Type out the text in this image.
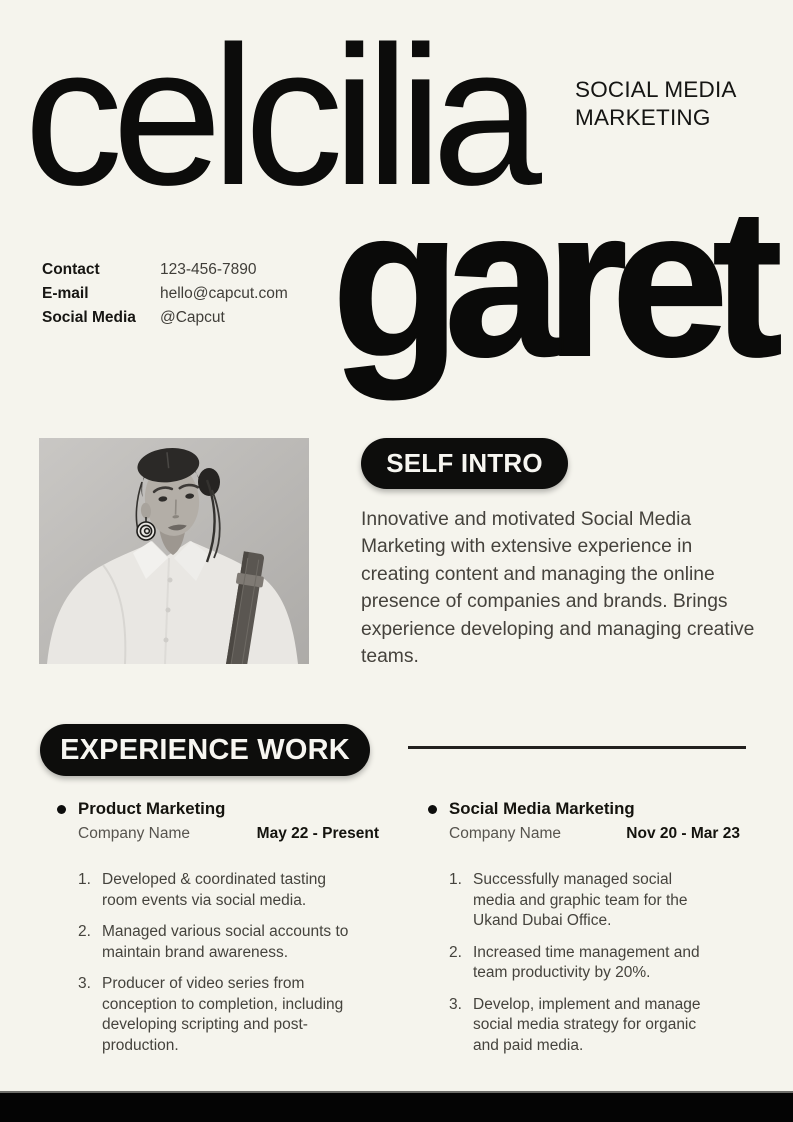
celcilia SOCIAL MEDIA
MARKETING
garet
Contact	123-456-7890
E-mail	hello@capcut.com
Social Media	@Capcut
SELF INTRO

Innovative and motivated Social Media Marketing with extensive experience in creating content and managing the online presence of companies and brands. Brings experience developing and managing creative teams.

EXPERIENCE WORK
Product Marketing
Company Name	May 22 - Present
Developed & coordinated tasting room events via social media.
Managed various social accounts to maintain brand awareness.
Producer of video series from conception to completion, including developing scripting and post-production.
Social Media Marketing
Company Name	Nov 20 - Mar 23
Successfully managed social media and graphic team for the Ukand Dubai Office.
Increased time management and team productivity by 20%.
Develop, implement and manage social media strategy for organic and paid media.
